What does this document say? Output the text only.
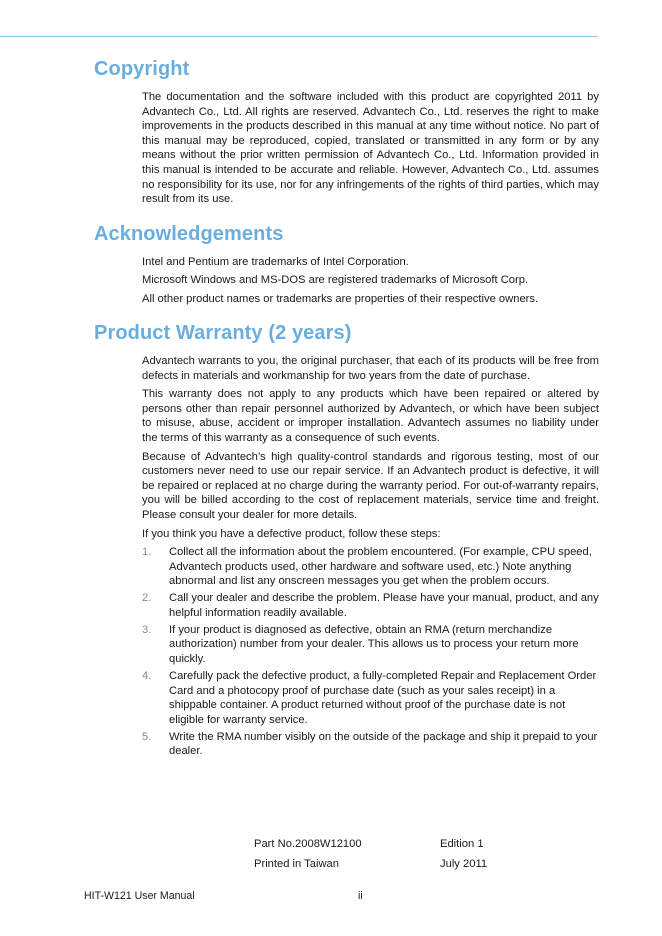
Copyright

The documentation and the software included with this product are copyrighted 2011 by Advantech Co., Ltd. All rights are reserved. Advantech Co., Ltd. reserves the right to make improvements in the products described in this manual at any time without notice. No part of this manual may be reproduced, copied, translated or transmitted in any form or by any means without the prior written permission of Advantech Co., Ltd. Information provided in this manual is intended to be accurate and reliable. However, Advantech Co., Ltd. assumes no responsibility for its use, nor for any infringements of the rights of third parties, which may result from its use.

Acknowledgements

Intel and Pentium are trademarks of Intel Corporation.

Microsoft Windows and MS-DOS are registered trademarks of Microsoft Corp.

All other product names or trademarks are properties of their respective owners.

Product Warranty (2 years)

Advantech warrants to you, the original purchaser, that each of its products will be free from defects in materials and workmanship for two years from the date of purchase.

This warranty does not apply to any products which have been repaired or altered by persons other than repair personnel authorized by Advantech, or which have been subject to misuse, abuse, accident or improper installation. Advantech assumes no liability under the terms of this warranty as a consequence of such events.

Because of Advantech’s high quality-control standards and rigorous testing, most of our customers never need to use our repair service. If an Advantech product is defective, it will be repaired or replaced at no charge during the warranty period. For out-of-warranty repairs, you will be billed according to the cost of replacement materials, service time and freight. Please consult your dealer for more details.

If you think you have a defective product, follow these steps:

1. Collect all the information about the problem encountered. (For example, CPU speed, Advantech products used, other hardware and software used, etc.) Note anything abnormal and list any onscreen messages you get when the problem occurs.
2. Call your dealer and describe the problem. Please have your manual, product, and any helpful information readily available.
3. If your product is diagnosed as defective, obtain an RMA (return merchandize authorization) number from your dealer. This allows us to process your return more quickly.
4. Carefully pack the defective product, a fully-completed Repair and Replacement Order Card and a photocopy proof of purchase date (such as your sales receipt) in a shippable container. A product returned without proof of the purchase date is not eligible for warranty service.
5. Write the RMA number visibly on the outside of the package and ship it prepaid to your dealer.
Part No.2008W12100	Edition 1
Printed in Taiwan	July 2011
HIT-W121 User Manual	ii
